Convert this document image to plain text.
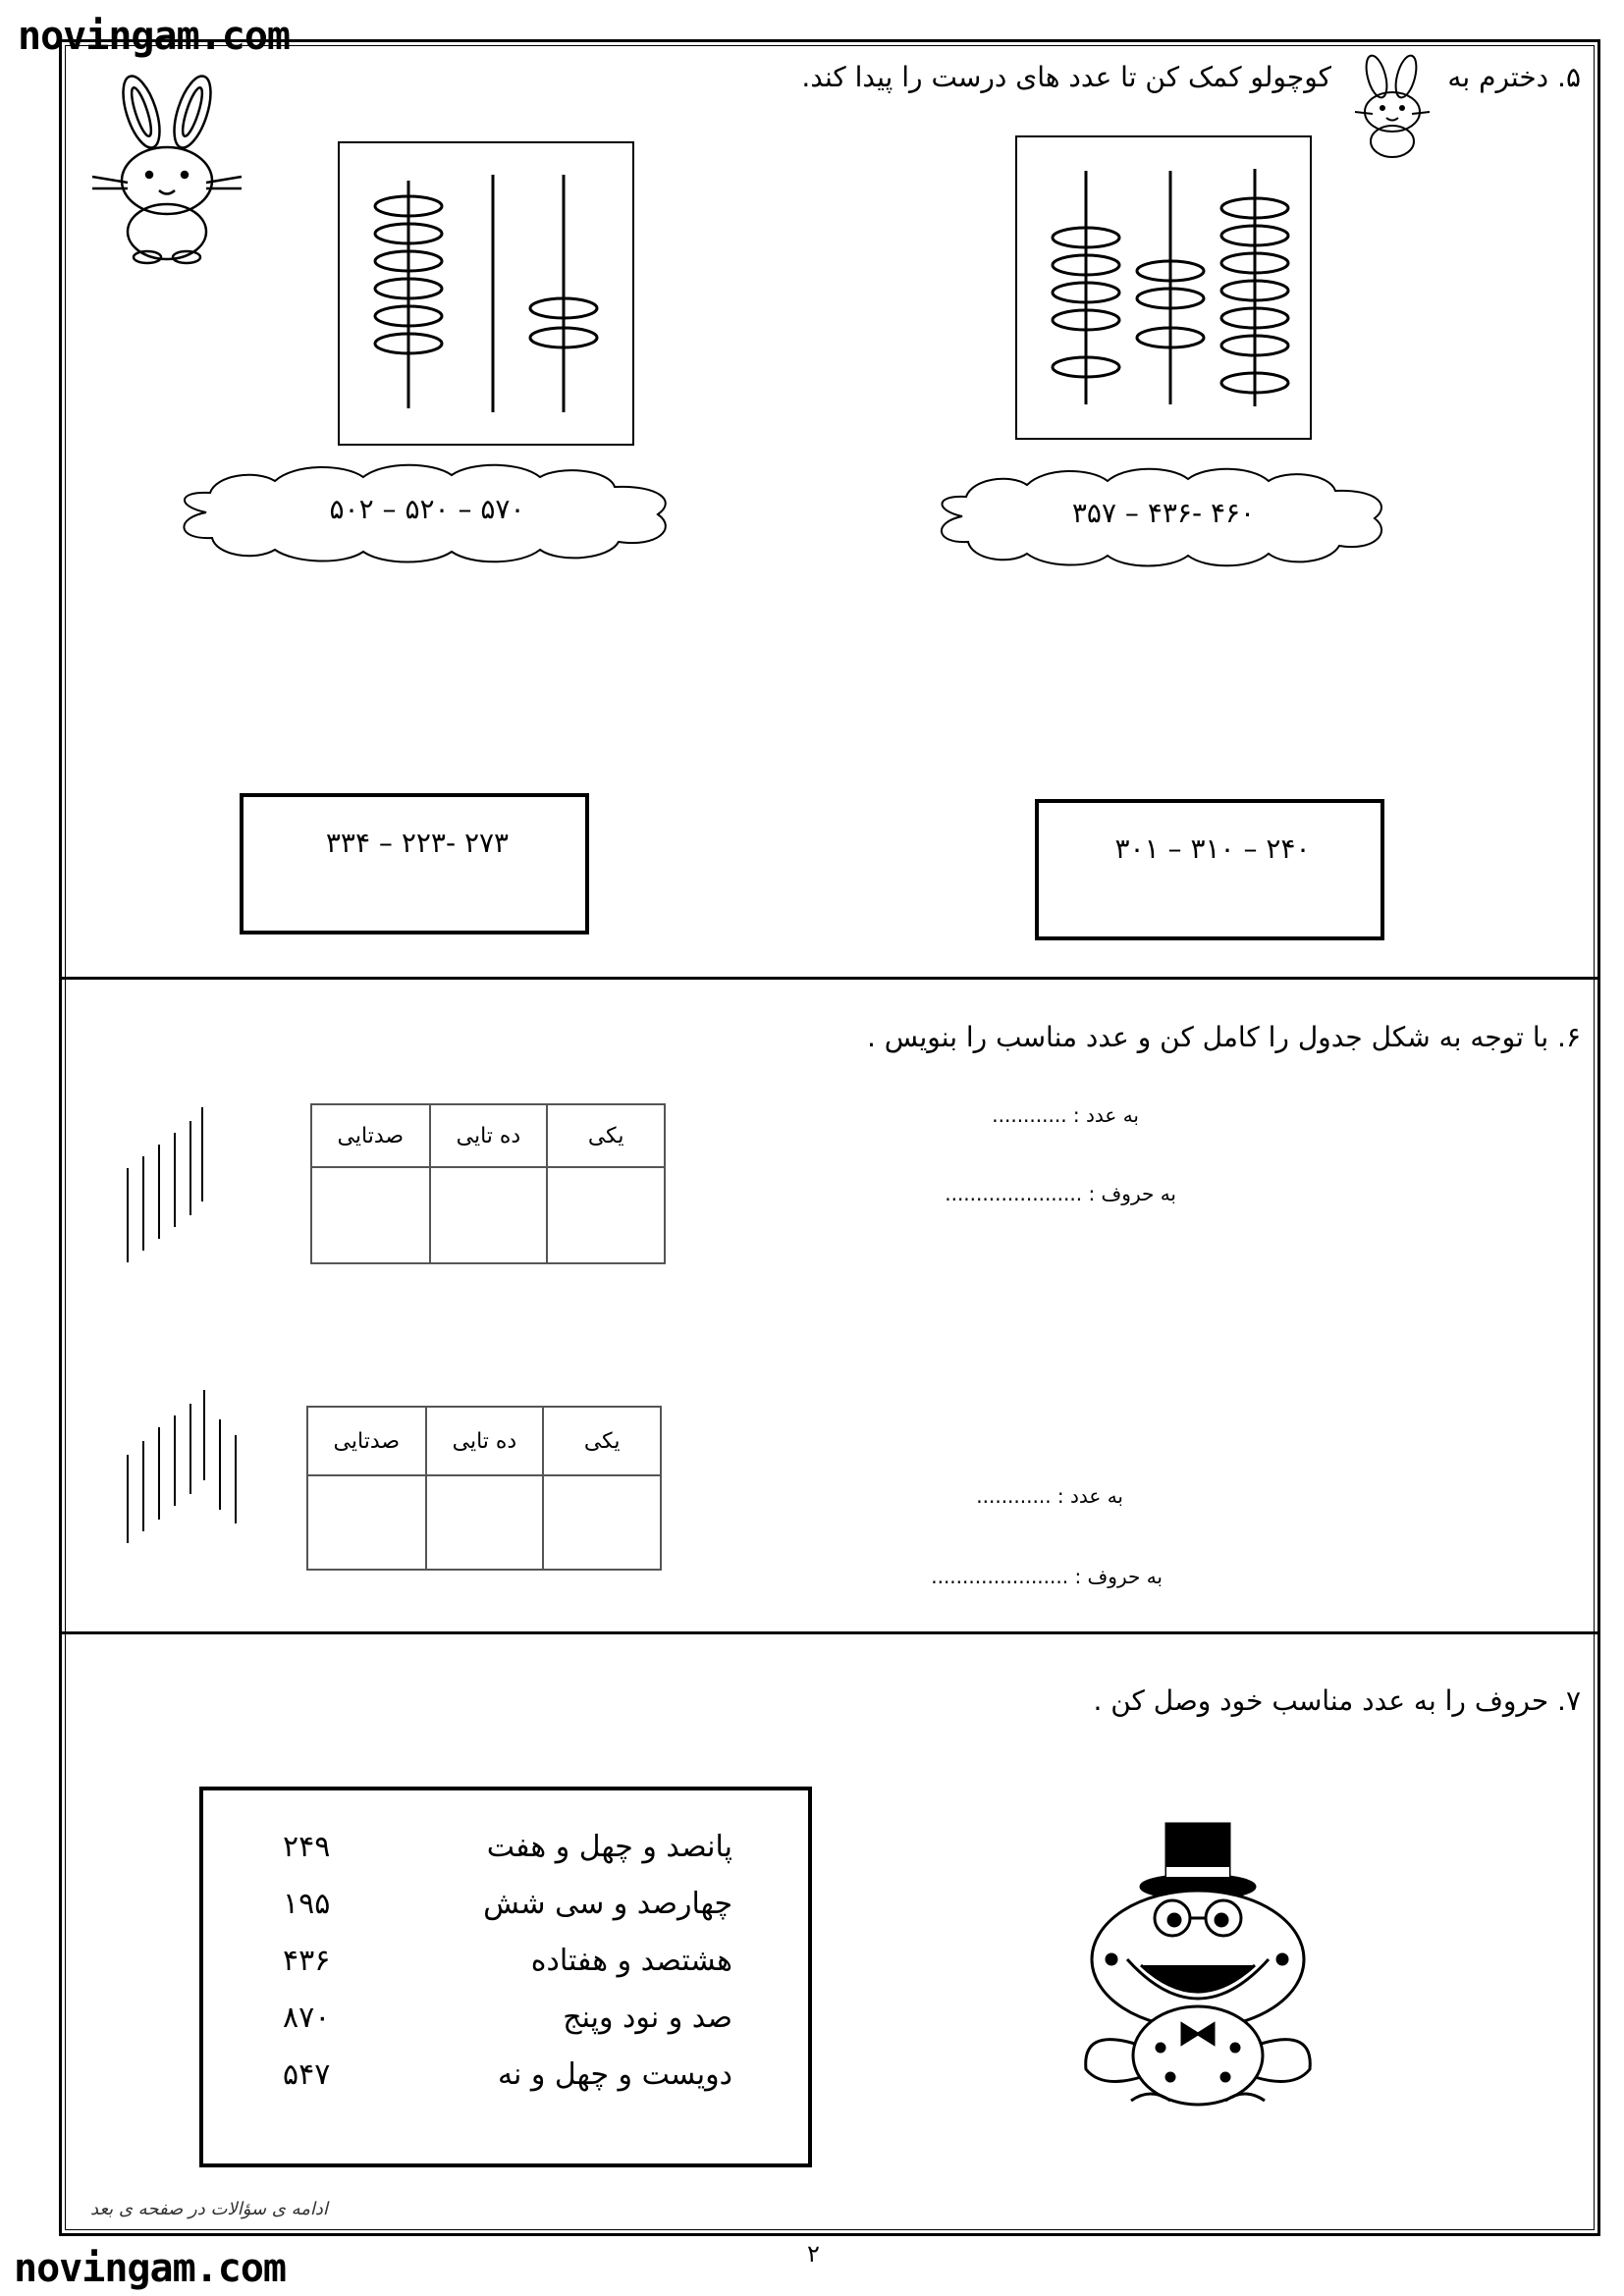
novingam.com
novingam.com
۵. دخترم به
کوچولو کمک کن تا عدد های درست را پیدا کند.
۵۷۰ – ۵۲۰ – ۵۰۲	۴۶۰ -۴۳۶ – ۳۵۷
۲۷۳ -۲۲۳ – ۳۳۴	۲۴۰ – ۳۱۰ – ۳۰۱
۶. با توجه به شکل جدول را کامل کن و عدد مناسب را بنویس .
یکی	ده تایی	صدتایی

به عدد : ............
به حروف : ......................
یکی	ده تایی	صدتایی

به عدد : ............
به حروف : ......................
۷. حروف را به عدد مناسب خود وصل کن .
پانصد و چهل و هفت
چهارصد و سی شش
هشتصد و هفتاده
صد و نود وپنج
دویست و چهل و نه
۲۴۹
۱۹۵
۴۳۶
۸۷۰
۵۴۷
ادامه ی سؤالات در صفحه ی بعد
۲
